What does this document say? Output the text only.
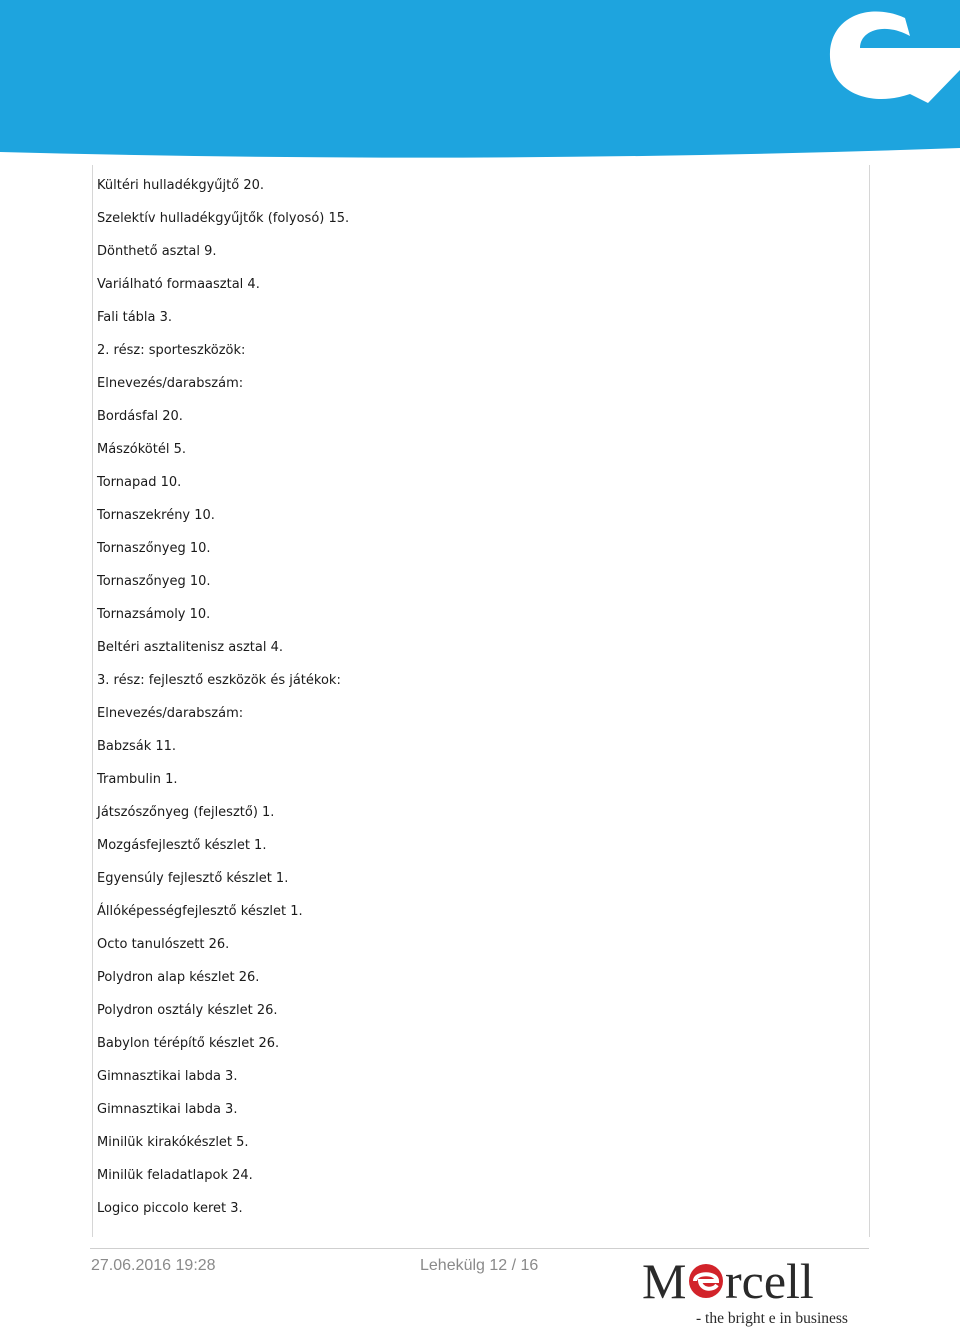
Kültéri hulladékgyűjtő 20.
Szelektív hulladékgyűjtők (folyosó) 15.
Dönthető asztal 9.
Variálható formaasztal 4.
Fali tábla 3.
2. rész: sporteszközök:
Elnevezés/darabszám:
Bordásfal 20.
Mászókötél 5.
Tornapad 10.
Tornaszekrény 10.
Tornaszőnyeg 10.
Tornaszőnyeg 10.
Tornazsámoly 10.
Beltéri asztalitenisz asztal 4.
3. rész: fejlesztő eszközök és játékok:
Elnevezés/darabszám:
Babzsák 11.
Trambulin 1.
Játszószőnyeg (fejlesztő) 1.
Mozgásfejlesztő készlet 1.
Egyensúly fejlesztő készlet 1.
Állóképességfejlesztő készlet 1.
Octo tanulószett 26.
Polydron alap készlet 26.
Polydron osztály készlet 26.
Babylon térépítő készlet 26.
Gimnasztikai labda 3.
Gimnasztikai labda 3.
Minilük kirakókészlet 5.
Minilük feladatlapok 24.
Logico piccolo keret 3.
27.06.2016 19:28	Lehekülg 12 / 16 M rcell
- the bright e in business
